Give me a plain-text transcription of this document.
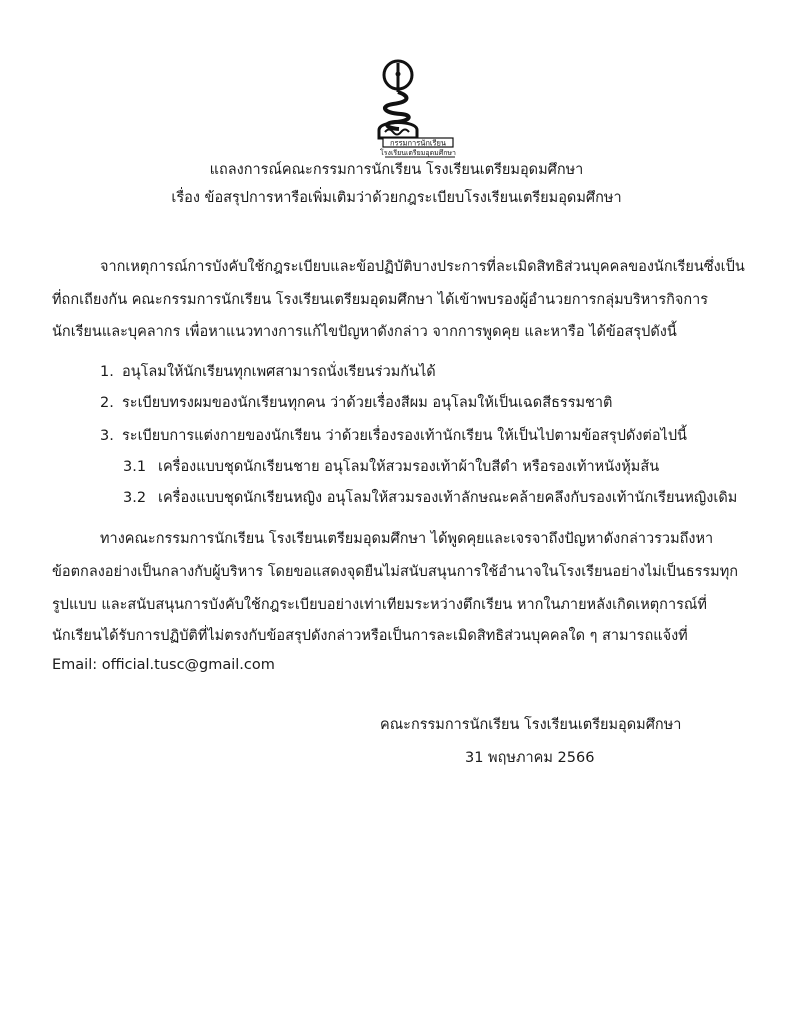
กรรมการนักเรียน
โรงเรียนเตรียมอุดมศึกษา
แถลงการณ์คณะกรรมการนักเรียน โรงเรียนเตรียมอุดมศึกษา
เรื่อง ข้อสรุปการหารือเพิ่มเติมว่าด้วยกฎระเบียบโรงเรียนเตรียมอุดมศึกษา
จากเหตุการณ์การบังคับใช้กฎระเบียบและข้อปฏิบัติบางประการที่ละเมิดสิทธิส่วนบุคคลของนักเรียนซึ่งเป็น
ที่ถกเถียงกัน คณะกรรมการนักเรียน โรงเรียนเตรียมอุดมศึกษา ได้เข้าพบรองผู้อำนวยการกลุ่มบริหารกิจการ
นักเรียนและบุคลากร เพื่อหาแนวทางการแก้ไขปัญหาดังกล่าว จากการพูดคุย และหารือ ได้ข้อสรุปดังนี้
1. อนุโลมให้นักเรียนทุกเพศสามารถนั่งเรียนร่วมกันได้
2. ระเบียบทรงผมของนักเรียนทุกคน ว่าด้วยเรื่องสีผม อนุโลมให้เป็นเฉดสีธรรมชาติ
3. ระเบียบการแต่งกายของนักเรียน ว่าด้วยเรื่องรองเท้านักเรียน ให้เป็นไปตามข้อสรุปดังต่อไปนี้
3.1 เครื่องแบบชุดนักเรียนชาย อนุโลมให้สวมรองเท้าผ้าใบสีดำ หรือรองเท้าหนังหุ้มส้น
3.2 เครื่องแบบชุดนักเรียนหญิง อนุโลมให้สวมรองเท้าลักษณะคล้ายคลึงกับรองเท้านักเรียนหญิงเดิม
ทางคณะกรรมการนักเรียน โรงเรียนเตรียมอุดมศึกษา ได้พูดคุยและเจรจาถึงปัญหาดังกล่าวรวมถึงหา
ข้อตกลงอย่างเป็นกลางกับผู้บริหาร โดยขอแสดงจุดยืนไม่สนับสนุนการใช้อำนาจในโรงเรียนอย่างไม่เป็นธรรมทุก
รูปแบบ และสนับสนุนการบังคับใช้กฎระเบียบอย่างเท่าเทียมระหว่างตึกเรียน หากในภายหลังเกิดเหตุการณ์ที่
นักเรียนได้รับการปฏิบัติที่ไม่ตรงกับข้อสรุปดังกล่าวหรือเป็นการละเมิดสิทธิส่วนบุคคลใด ๆ สามารถแจ้งที่
Email: official.tusc@gmail.com
คณะกรรมการนักเรียน โรงเรียนเตรียมอุดมศึกษา
31 พฤษภาคม 2566
